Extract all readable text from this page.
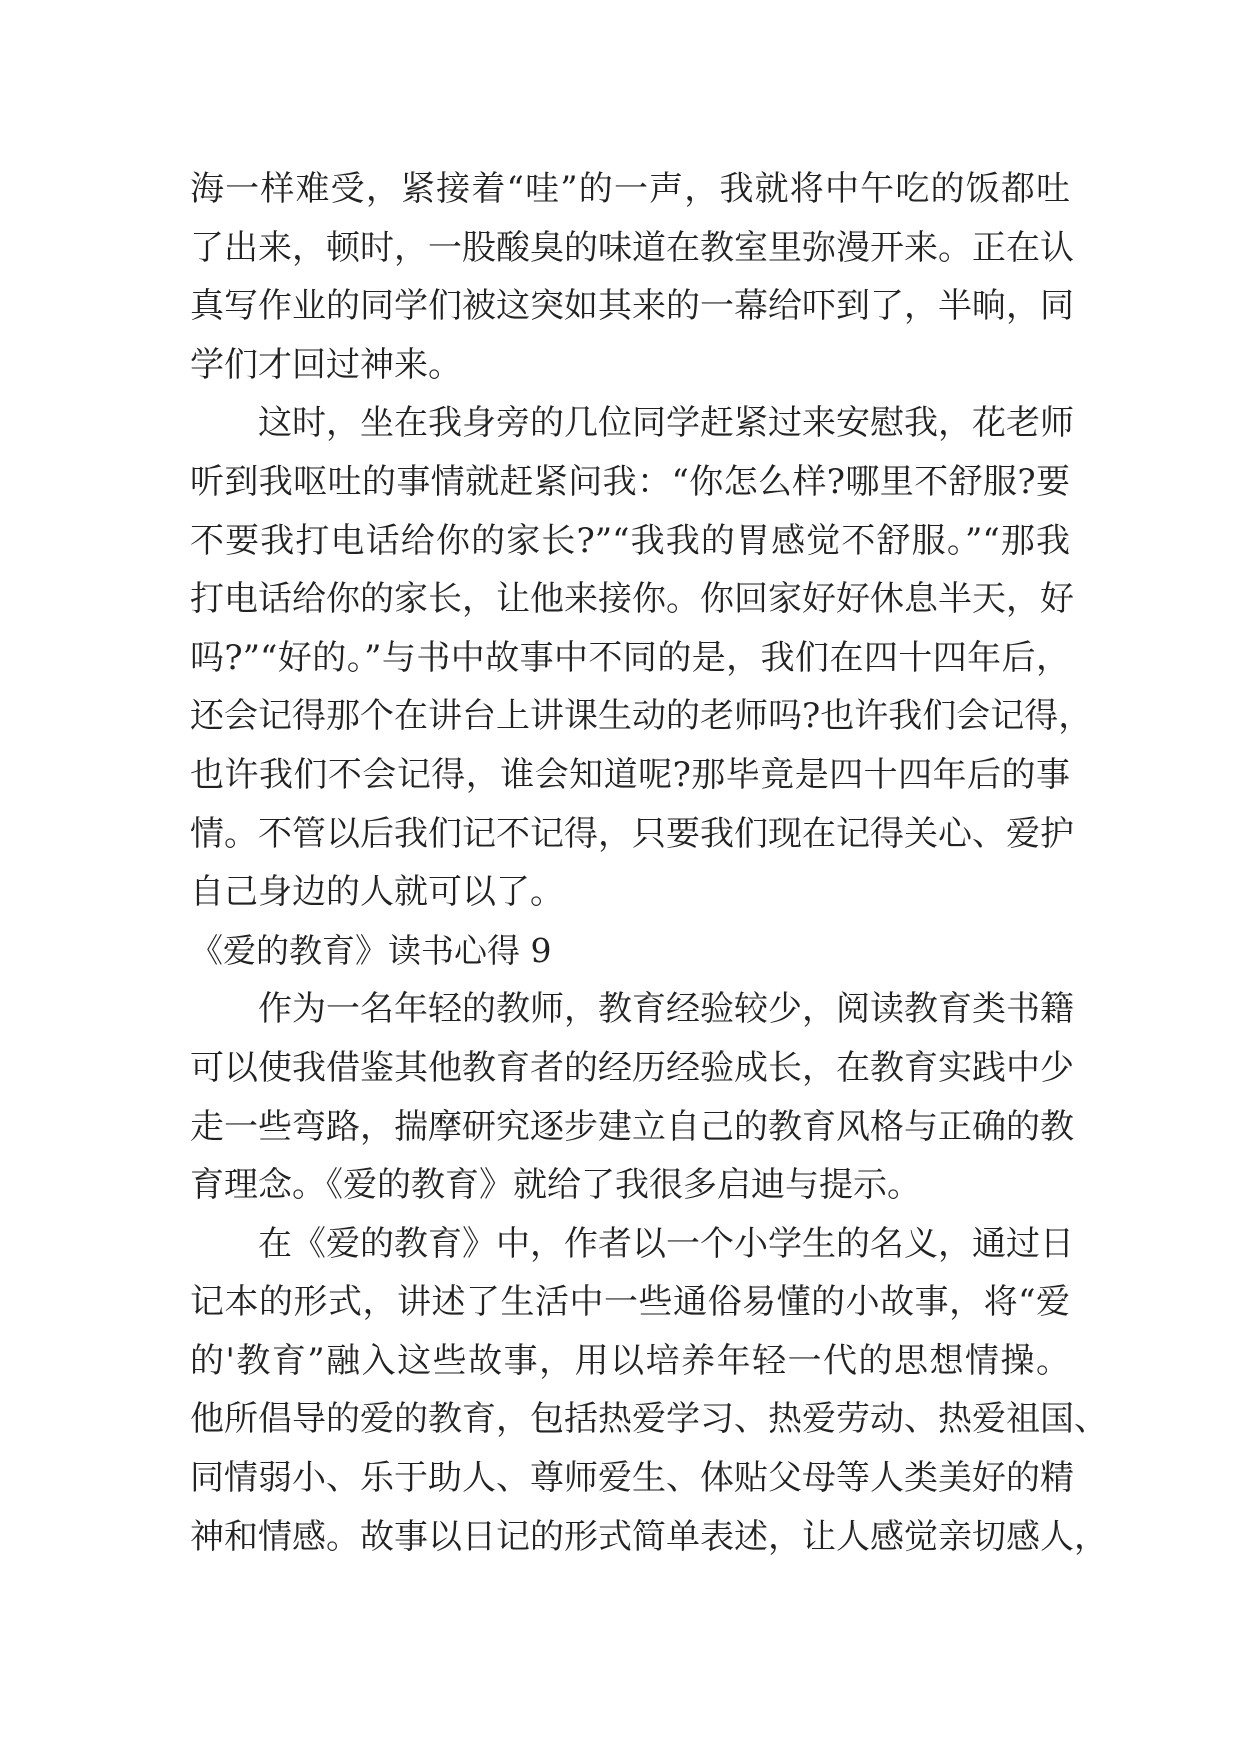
海一样难受，紧接着“哇”的一声，我就将中午吃的饭都吐
了出来，顿时，一股酸臭的味道在教室里弥漫开来。正在认
真写作业的同学们被这突如其来的一幕给吓到了，半晌，同
学们才回过神来。
这时，坐在我身旁的几位同学赶紧过来安慰我，花老师
听到我呕吐的事情就赶紧问我：“你怎么样?哪里不舒服?要
不要我打电话给你的家长?”“我我的胃感觉不舒服。”“那我
打电话给你的家长，让他来接你。你回家好好休息半天，好
吗?”“好的。”与书中故事中不同的是，我们在四十四年后，
还会记得那个在讲台上讲课生动的老师吗?也许我们会记得，
也许我们不会记得，谁会知道呢?那毕竟是四十四年后的事
情。不管以后我们记不记得，只要我们现在记得关心、爱护
自己身边的人就可以了。
《爱的教育》读书心得 9
作为一名年轻的教师，教育经验较少，阅读教育类书籍
可以使我借鉴其他教育者的经历经验成长，在教育实践中少
走一些弯路，揣摩研究逐步建立自己的教育风格与正确的教
育理念。《爱的教育》就给了我很多启迪与提示。
在《爱的教育》中，作者以一个小学生的名义，通过日
记本的形式，讲述了生活中一些通俗易懂的小故事，将“爱
的'教育”融入这些故事，用以培养年轻一代的思想情操。
他所倡导的爱的教育，包括热爱学习、热爱劳动、热爱祖国、
同情弱小、乐于助人、尊师爱生、体贴父母等人类美好的精
神和情感。故事以日记的形式简单表述，让人感觉亲切感人，
